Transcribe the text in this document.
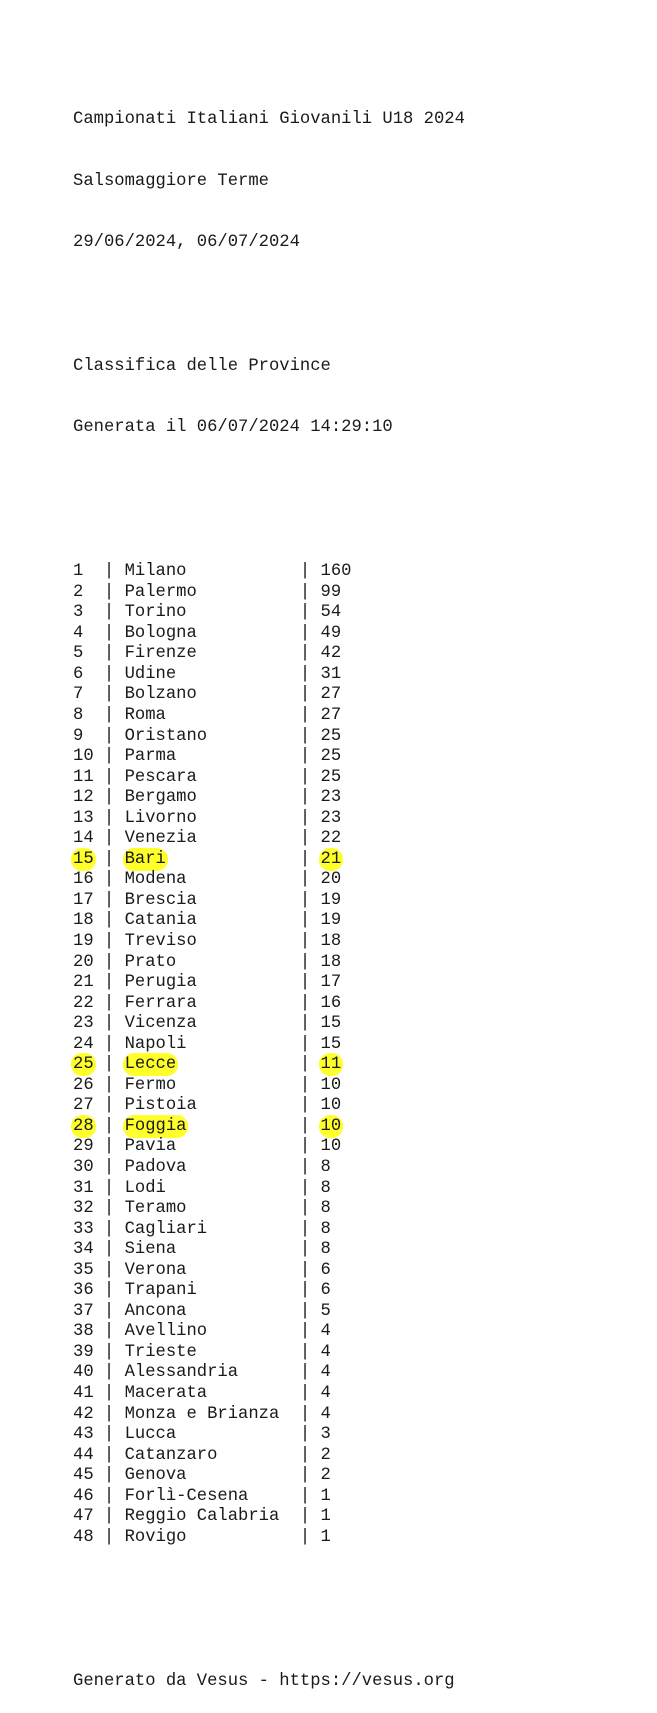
Campionati Italiani Giovanili U18 2024

Salsomaggiore Terme

29/06/2024, 06/07/2024

Classifica delle Province

Generata il 06/07/2024 14:29:10

1 | Milano	| 160
2 | Palermo	| 99
3 | Torino	| 54
4 | Bologna	| 49
5 | Firenze	| 42
6 | Udine	| 31
7 | Bolzano	| 27
8 | Roma	| 27
9 | Oristano	| 25
10 | Parma	| 25
11 | Pescara	| 25
12 | Bergamo	| 23
13 | Livorno	| 23
14 | Venezia	| 22
15 | Bari	| 21
16 | Modena	| 20
17 | Brescia	| 19
18 | Catania	| 19
19 | Treviso	| 18
20 | Prato	| 18
21 | Perugia	| 17
22 | Ferrara	| 16
23 | Vicenza	| 15
24 | Napoli	| 15
25 | Lecce	| 11
26 | Fermo	| 10
27 | Pistoia	| 10
28 | Foggia	| 10
29 | Pavia	| 10
30 | Padova	| 8
31 | Lodi	| 8
32 | Teramo	| 8
33 | Cagliari	| 8
34 | Siena	| 8
35 | Verona	| 6
36 | Trapani	| 6
37 | Ancona	| 5
38 | Avellino	| 4
39 | Trieste	| 4
40 | Alessandria	| 4
41 | Macerata	| 4
42 | Monza e Brianza | 4
43 | Lucca	| 3
44 | Catanzaro	| 2
45 | Genova	| 2
46 | Forlì-Cesena	| 1
47 | Reggio Calabria | 1
48 | Rovigo	| 1

Generato da Vesus - https://vesus.org
